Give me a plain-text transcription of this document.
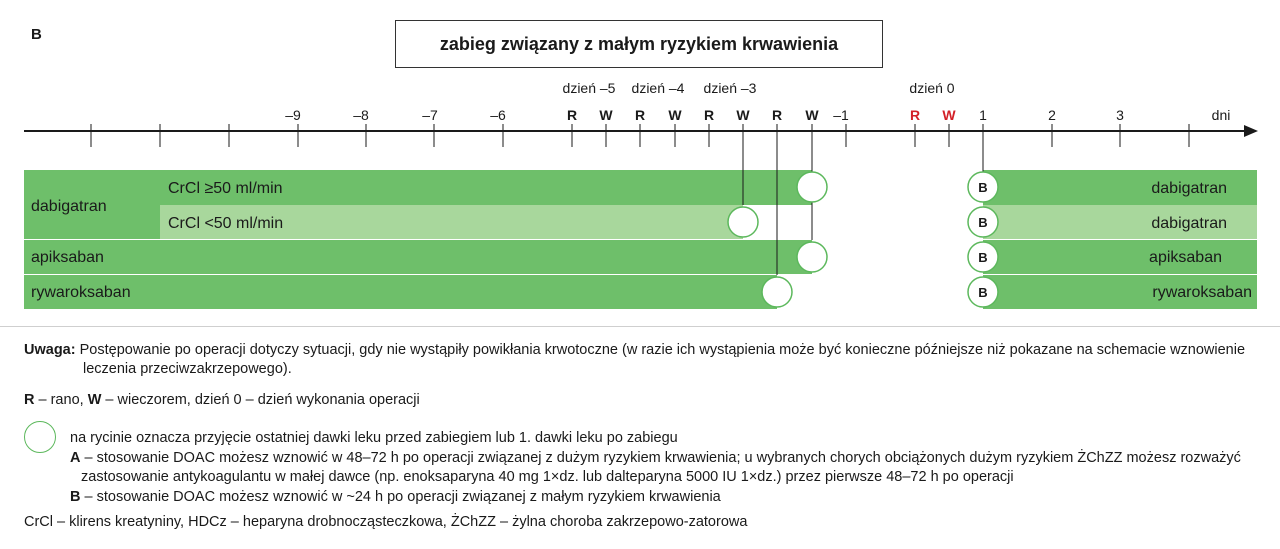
B	zabieg związany z małym ryzykiem krwawienia
–9	–8	–7	–6	–1	1	2	3	dni
R W R W R W R W	R W
dzień –5 dzień –4 dzień –3	dzień 0
B
B
B
B
dabigatran
CrCl ≥50 ml/min
CrCl <50 ml/min
apiksaban
rywaroksaban
dabigatran
dabigatran
apiksaban
rywaroksaban
Uwaga: Postępowanie po operacji dotyczy sytuacji, gdy nie wystąpiły powikłania krwotoczne (w razie ich wystąpienia może być konieczne późniejsze niż pokazane na schemacie wznowienie
leczenia przeciwzakrzepowego).
R – rano, W – wieczorem, dzień 0 – dzień wykonania operacji
na rycinie oznacza przyjęcie ostatniej dawki leku przed zabiegiem lub 1. dawki leku po zabiegu
A – stosowanie DOAC możesz wznowić w 48–72 h po operacji związanej z dużym ryzykiem krwawienia; u wybranych chorych obciążonych dużym ryzykiem ŻChZZ możesz rozważyć
zastosowanie antykoagulantu w małej dawce (np. enoksaparyna 40 mg 1×dz. lub dalteparyna 5000 IU 1×dz.) przez pierwsze 48–72 h po operacji
B – stosowanie DOAC możesz wznowić w ~24 h po operacji związanej z małym ryzykiem krwawienia
CrCl – klirens kreatyniny, HDCz – heparyna drobnocząsteczkowa, ŻChZZ – żylna choroba zakrzepowo-zatorowa
